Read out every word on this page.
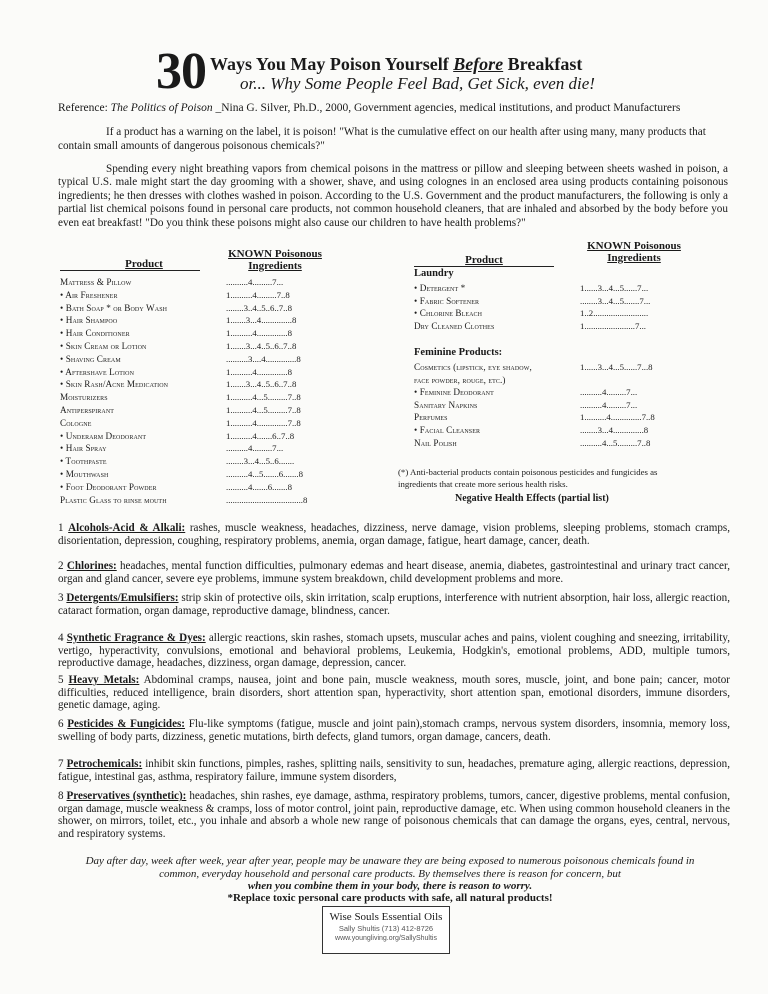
30 Ways You May Poison Yourself Before Breakfast
or... Why Some People Feel Bad, Get Sick, even die!
Reference: The Politics of Poison _Nina G. Silver, Ph.D., 2000, Government agencies, medical institutions, and product Manufacturers
If a product has a warning on the label, it is poison! "What is the cumulative effect on our health after using many, many products that contain small amounts of dangerous poisonous chemicals?"
Spending every night breathing vapors from chemical poisons in the mattress or pillow and sleeping between sheets washed in poison, a typical U.S. male might start the day grooming with a shower, shave, and using colognes in an enclosed area using products containing poisonous ingredients; he then dresses with clothes washed in poison. According to the U.S. Government and the product manufacturers, the following is only a partial list chemical poisons found in personal care products, not common household cleaners, that are inhaled and absorbed by the body before you even eat breakfast! "Do you think these poisons might also cause our children to have health problems?"
Product
KNOWN Poisonous
Ingredients
Mattress & Pillow	..........4.........7...
• Air Freshener	1..........4.........7..8
• Bath Soap * or Body Wash	........3..4..5..6..7..8
• Hair Shampoo	1.......3...4..............8
• Hair Conditioner	1..........4..............8
• Skin Cream or Lotion	1.......3...4..5..6..7..8
• Shaving Cream	..........3....4..............8
• Aftershave Lotion	1..........4..............8
• Skin Rash/Acne Medication	1.......3...4..5..6..7..8
Moisturizers	1..........4...5.........7..8
Antiperspirant	1..........4...5.........7..8
Cologne	1..........4..............7..8
• Underarm Deodorant	1..........4.......6..7..8
• Hair Spray	..........4.........7...
• Toothpaste	........3...4...5..6.......
• Mouthwash	..........4...5.......6.......8
• Foot Deodorant Powder	..........4.......6.......8
Plastic Glass to rinse mouth	...................................8
Product
KNOWN Poisonous
Ingredients
Laundry
• Detergent *	1......3...4...5......7...
• Fabric Softener	........3...4...5.......7...
• Chlorine Bleach	1..2.........................
Dry Cleaned Clothes	1.......................7...
Feminine Products:
Cosmetics (lipstick, eye shadow,	1......3...4...5......7...8
face powder, rouge, etc.)
• Feminine Deodorant	..........4.........7...
Sanitary Napkins	..........4.........7...
Perfumes	1..........4..............7..8
• Facial Cleanser	........3...4..............8
Nail Polish	..........4...5.........7..8
(*) Anti-bacterial products contain poisonous pesticides and fungicides as ingredients that create more serious health risks.
Negative Health Effects (partial list)
1 Alcohols-Acid & Alkali: rashes, muscle weakness, headaches, dizziness, nerve damage, vision problems, sleeping problems, stomach cramps, disorientation, depression, coughing, respiratory problems, anemia, organ damage, fatigue, heart damage, cancer, death.
2 Chlorines: headaches, mental function difficulties, pulmonary edemas and heart disease, anemia, diabetes, gastrointestinal and urinary tract cancer, organ and gland cancer, severe eye problems, immune system breakdown, child development problems and more.
3 Detergents/Emulsifiers: strip skin of protective oils, skin irritation, scalp eruptions, interference with nutrient absorption, hair loss, allergic reaction, cataract formation, organ damage, reproductive damage, blindness, cancer.
4 Synthetic Fragrance & Dyes: allergic reactions, skin rashes, stomach upsets, muscular aches and pains, violent coughing and sneezing, irritability, vertigo, hyperactivity, convulsions, emotional and behavioral problems, Leukemia, Hodgkin's, emotional problems, ADD, multiple tumors, reproductive damage, headaches, dizziness, organ damage, depression, cancer.
5 Heavy Metals: Abdominal cramps, nausea, joint and bone pain, muscle weakness, mouth sores, muscle, joint, and bone pain; cancer, motor difficulties, reduced intelligence, brain disorders, short attention span, hyperactivity, short attention span, emotional disorders, immune disorders, genetic damage, aging.
6 Pesticides & Fungicides: Flu-like symptoms (fatigue, muscle and joint pain),stomach cramps, nervous system disorders, insomnia, memory loss, swelling of body parts, dizziness, genetic mutations, birth defects, gland tumors, organ damage, cancers, death.
7 Petrochemicals: inhibit skin functions, pimples, rashes, splitting nails, sensitivity to sun, headaches, premature aging, allergic reactions, depression, fatigue, intestinal gas, asthma, respiratory failure, immune system disorders,
8 Preservatives (synthetic): headaches, shin rashes, eye damage, asthma, respiratory problems, tumors, cancer, digestive problems, mental confusion, organ damage, muscle weakness & cramps, loss of motor control, joint pain, reproductive damage, etc. When using common household cleaners in the shower, on mirrors, toilet, etc., you inhale and absorb a whole new range of poisonous chemicals that can damage the organs, eyes, central, nervous, and respiratory systems.
Day after day, week after week, year after year, people may be unaware they are being exposed to numerous poisonous chemicals found in common, everyday household and personal care products. By themselves there is reason for concern, but
when you combine them in your body, there is reason to worry.
*Replace toxic personal care products with safe, all natural products!
Wise Souls Essential Oils
Sally Shultis (713) 412-8726
www.youngliving.org/SallyShultis
